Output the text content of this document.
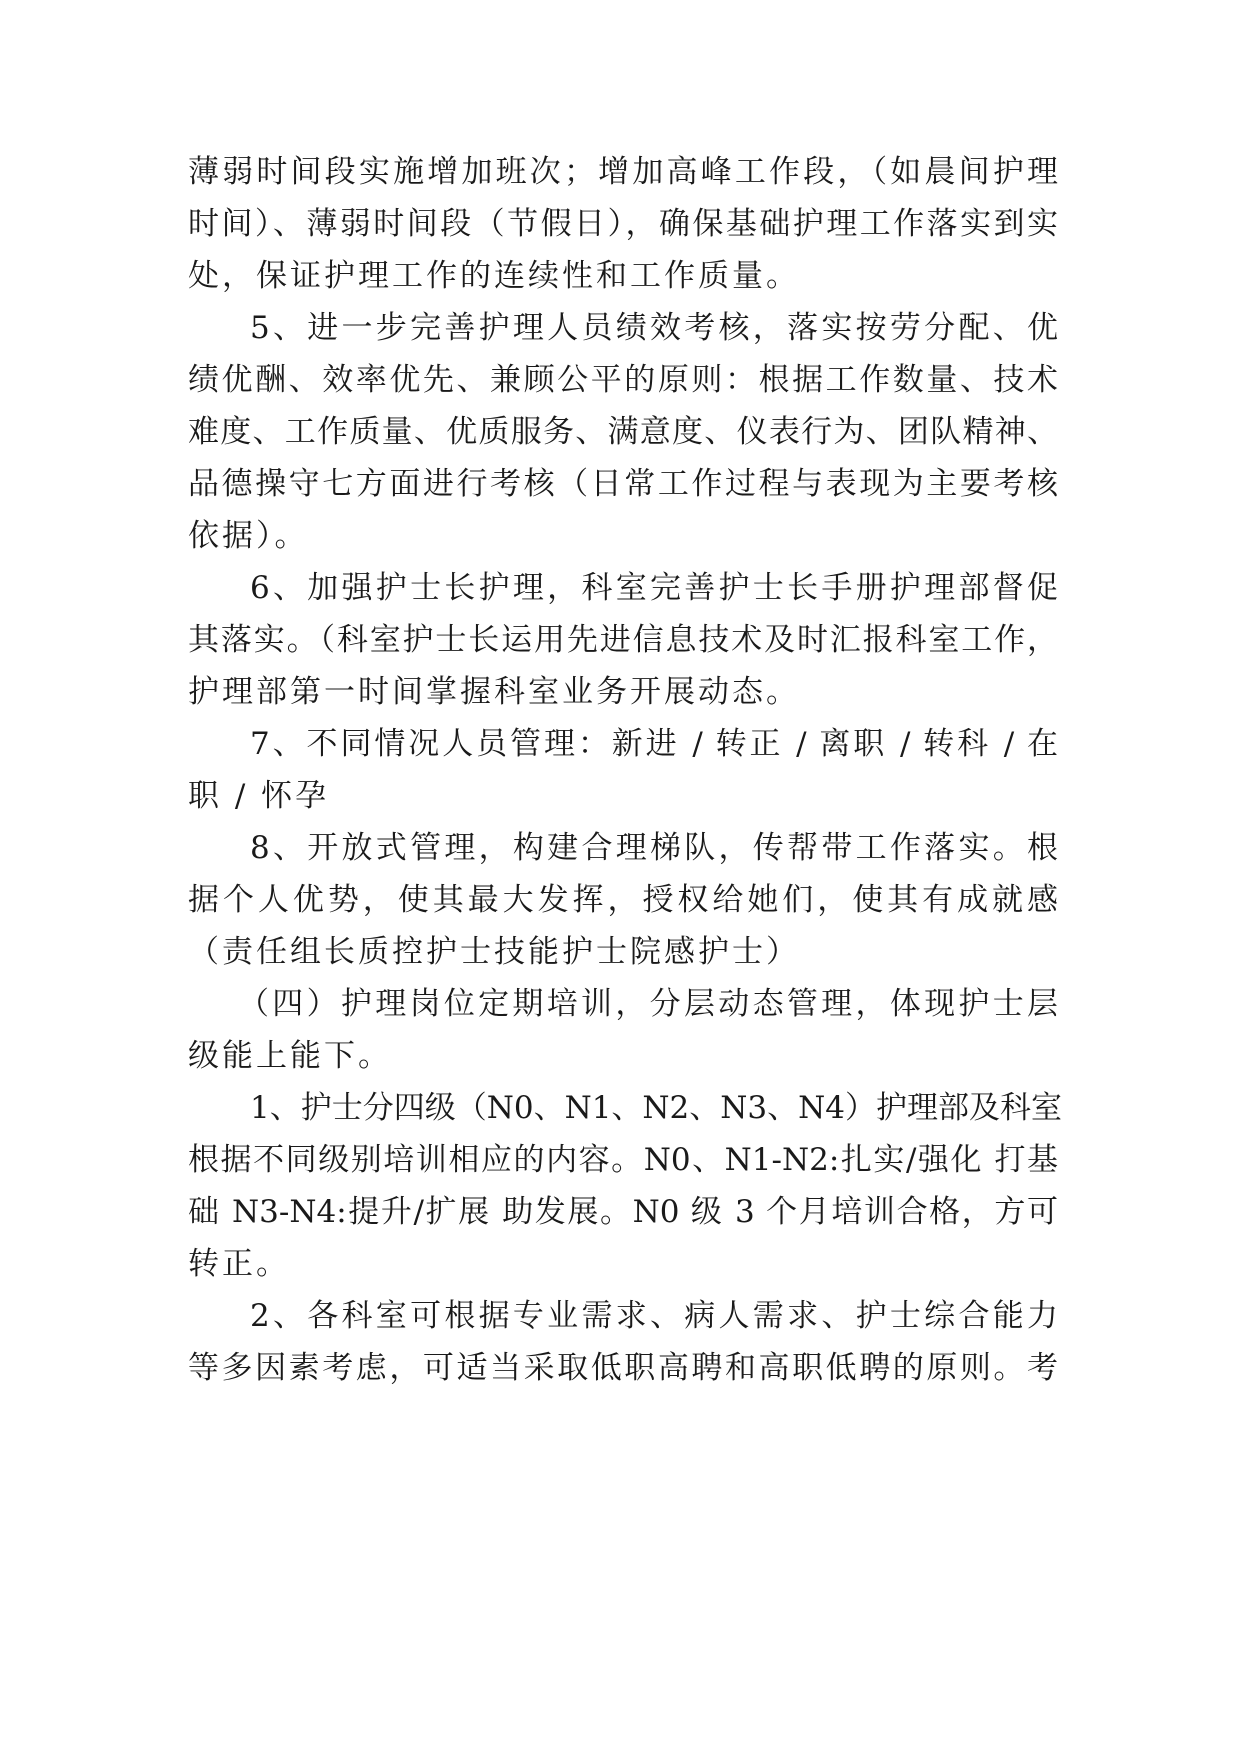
薄弱时间段实施增加班次；增加高峰工作段，（如晨间护理
时间）、薄弱时间段（节假日），确保基础护理工作落实到实
处，保证护理工作的连续性和工作质量。
5、进一步完善护理人员绩效考核，落实按劳分配、优
绩优酬、效率优先、兼顾公平的原则：根据工作数量、技术
难度、工作质量、优质服务、满意度、仪表行为、团队精神、
品德操守七方面进行考核（日常工作过程与表现为主要考核
依据）。
6、加强护士长护理，科室完善护士长手册护理部督促
其落实。（科室护士长运用先进信息技术及时汇报科室工作，
护理部第一时间掌握科室业务开展动态。
7、不同情况人员管理：新进 / 转正 / 离职 / 转科 / 在
职 / 怀孕
8、开放式管理，构建合理梯队，传帮带工作落实。根
据个人优势，使其最大发挥，授权给她们，使其有成就感
（责任组长质控护士技能护士院感护士）
（四）护理岗位定期培训，分层动态管理，体现护士层
级能上能下。
1、护士分四级（N0、N1、N2、N3、N4）护理部及科室
根据不同级别培训相应的内容。N0、N1-N2:扎实/强化 打基
础 N3-N4:提升/扩展 助发展。N0 级 3 个月培训合格，方可
转正。
2、各科室可根据专业需求、病人需求、护士综合能力
等多因素考虑，可适当采取低职高聘和高职低聘的原则。考
